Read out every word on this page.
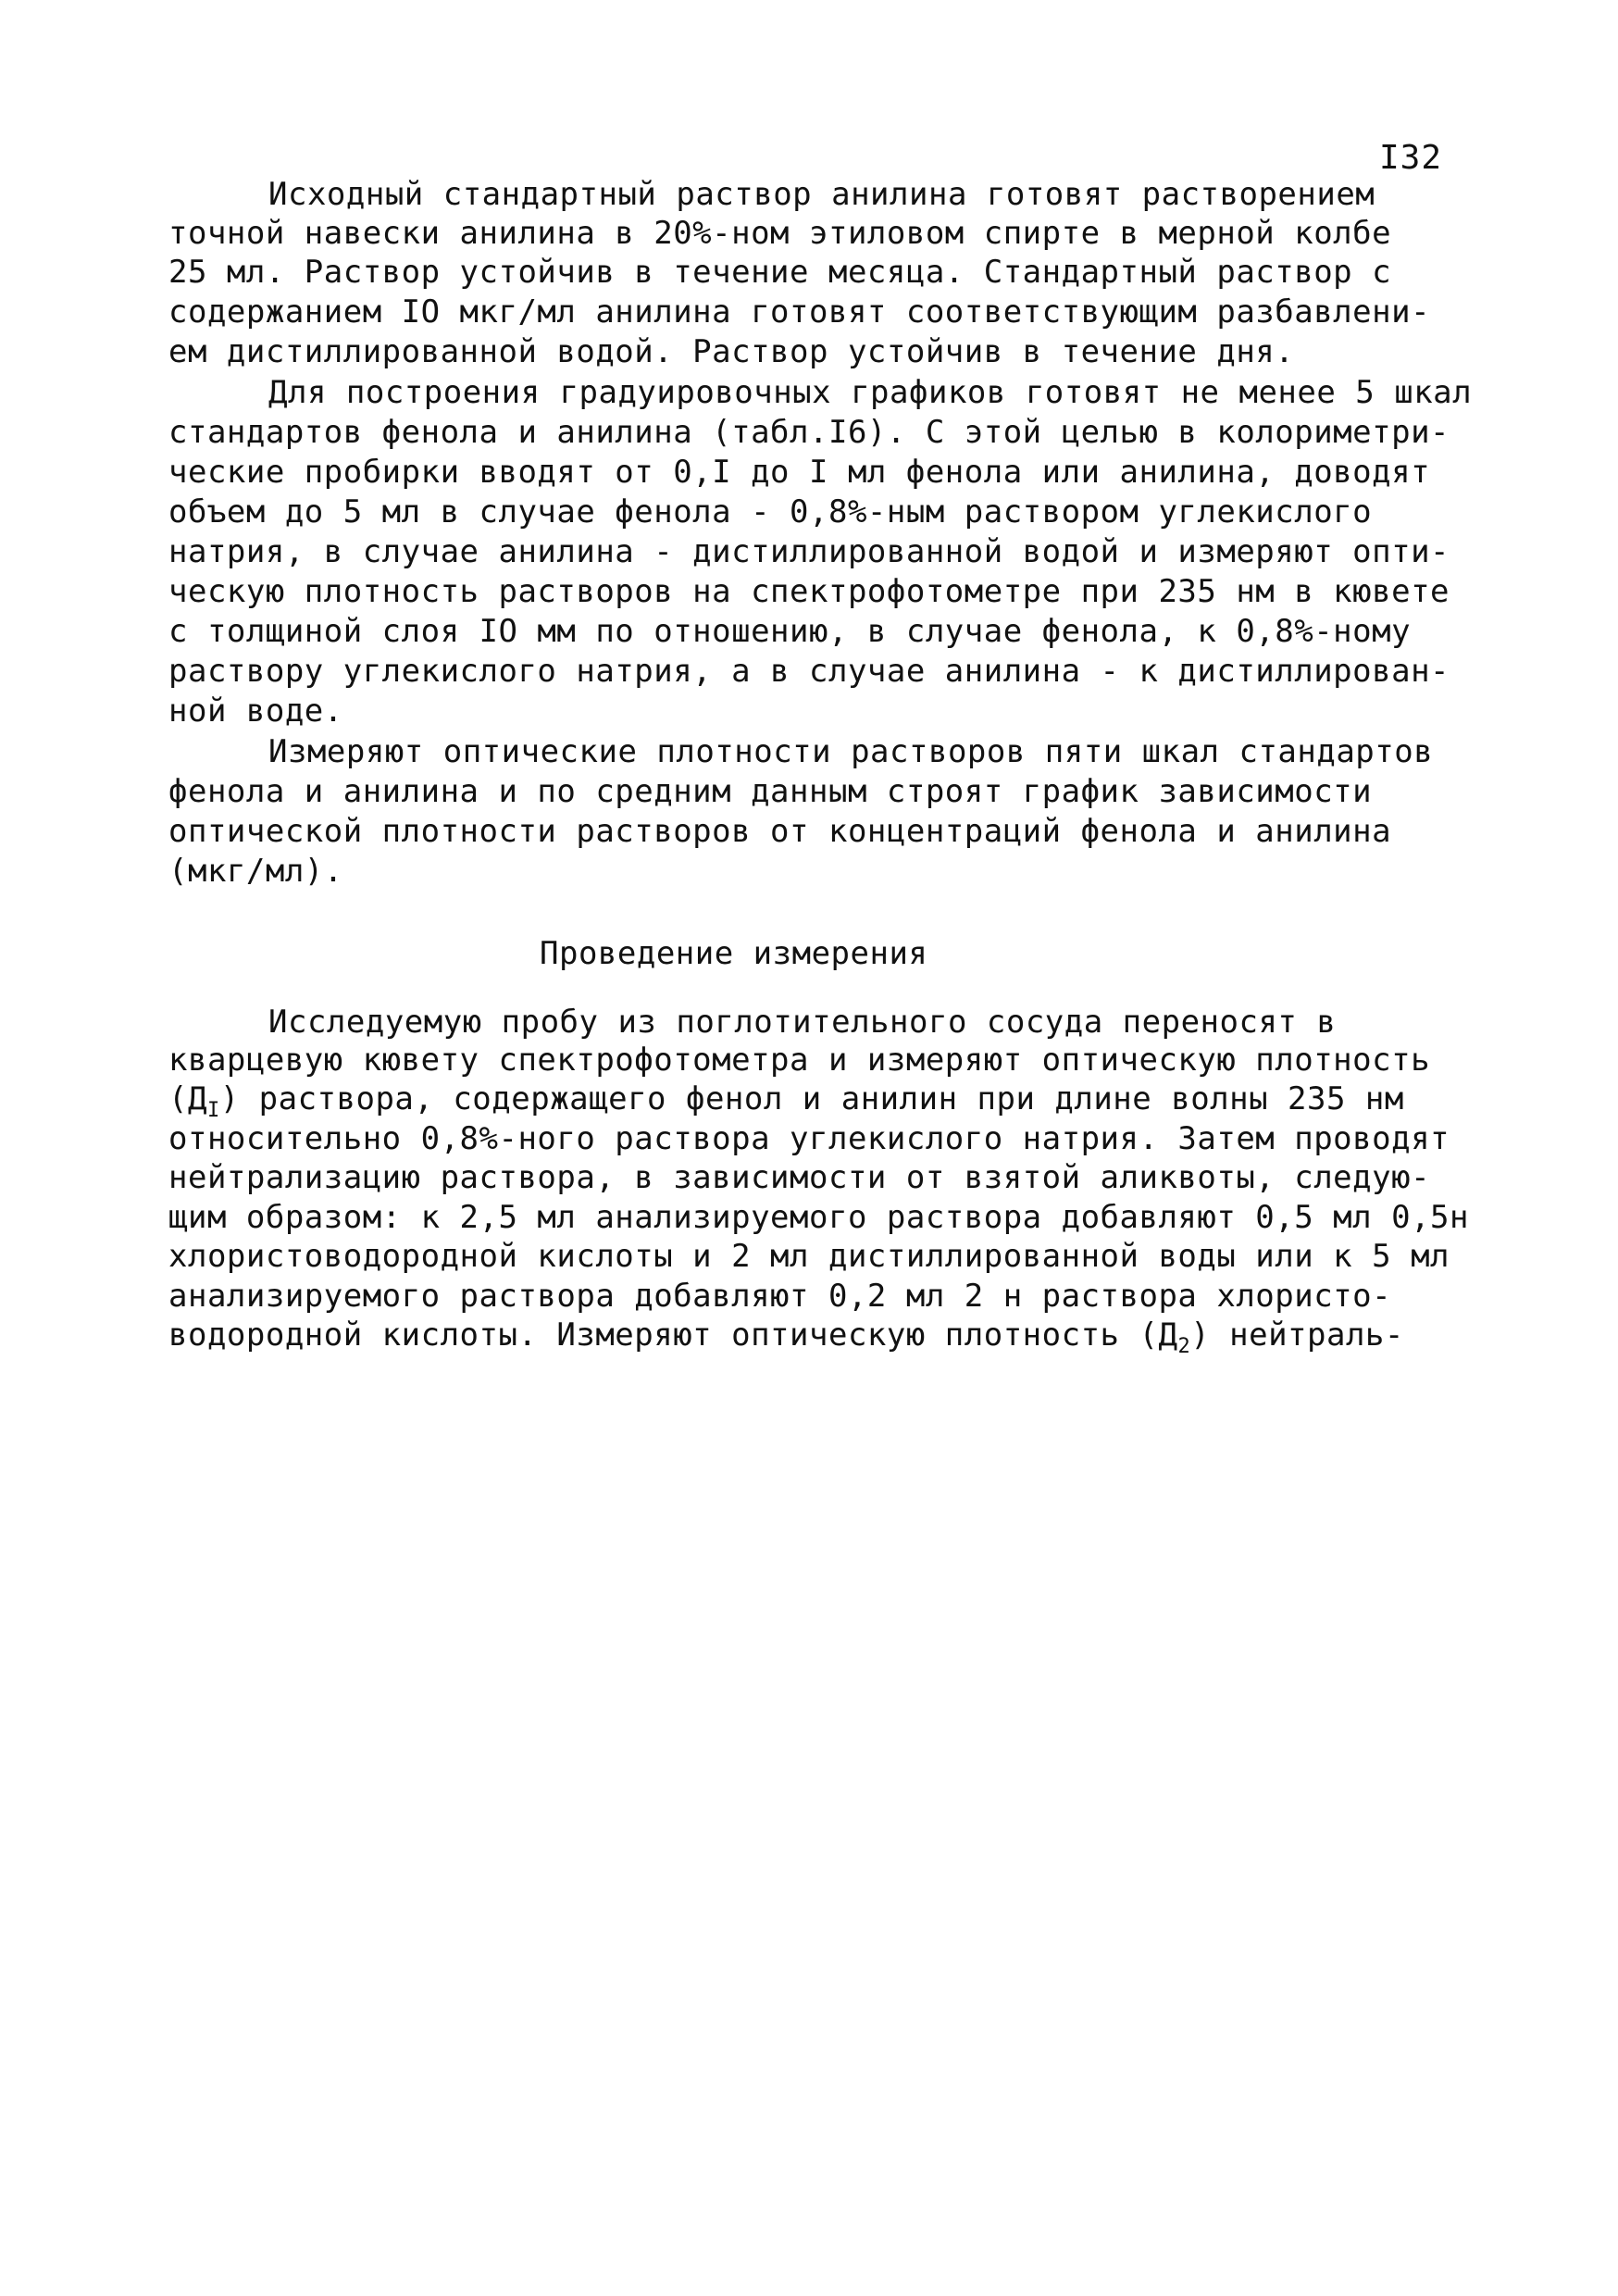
I32
Исходный стандартный раствор анилина готовят растворением
точной навески анилина в 20%-ном этиловом спирте в мерной колбе
25 мл. Раствор устойчив в течение месяца. Стандартный раствор с
содержанием IO мкг/мл анилина готовят соответствующим разбавлени-
ем дистиллированной водой. Раствор устойчив в течение дня.
Для построения градуировочных графиков готовят не менее 5 шкал
стандартов фенола и анилина (табл.I6). С этой целью в колориметри-
ческие пробирки вводят от 0,I до I мл фенола или анилина, доводят
объем до 5 мл в случае фенола - 0,8%-ным раствором углекислого
натрия, в случае анилина - дистиллированной водой и измеряют опти-
ческую плотность растворов на спектрофотометре при 235 нм в кювете
с толщиной слоя IO мм по отношению, в случае фенола, к 0,8%-ному
раствору углекислого натрия, а в случае анилина - к дистиллирован-
ной воде.
Измеряют оптические плотности растворов пяти шкал стандартов
фенола и анилина и по средним данным строят график зависимости
оптической плотности растворов от концентраций фенола и анилина
(мкг/мл).
Проведение измерения
Исследуемую пробу из поглотительного сосуда переносят в
кварцевую кювету спектрофотометра и измеряют оптическую плотность
$(Д_I)$ раствора, содержащего фенол и анилин при длине волны 235 нм
относительно 0,8%-ного раствора углекислого натрия. Затем проводят
нейтрализацию раствора, в зависимости от взятой аликвоты, следую-
щим образом: к 2,5 мл анализируемого раствора добавляют 0,5 мл 0,5н
хлористоводородной кислоты и 2 мл дистиллированной воды или к 5 мл
анализируемого раствора добавляют 0,2 мл 2 н раствора хлористо-
водородной кислоты. Измеряют оптическую плотность $(Д_2)$ нейтраль-
